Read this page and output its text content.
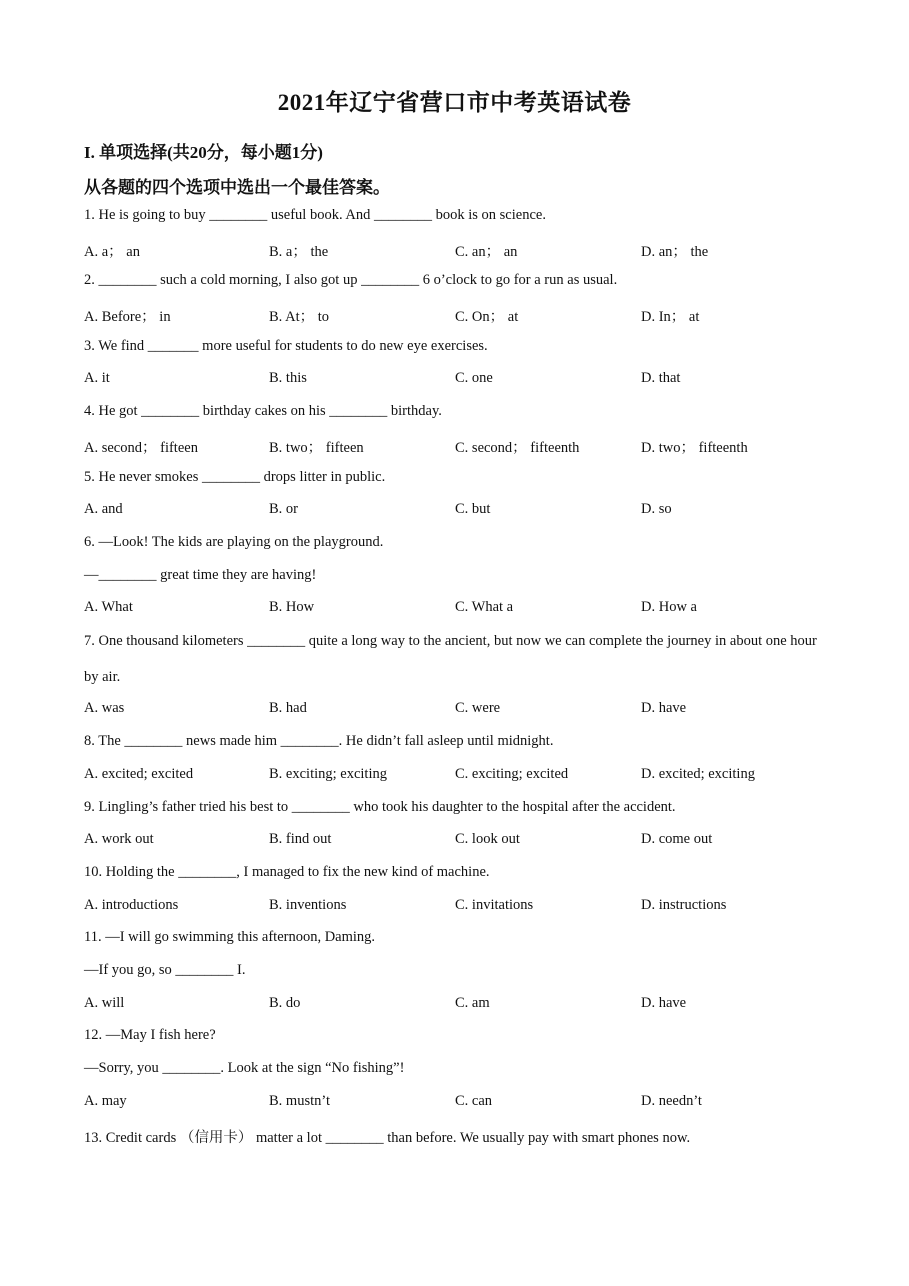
2021年辽宁省营口市中考英语试卷
I. 单项选择(共20分，每小题1分)
从各题的四个选项中选出一个最佳答案。
1. He is going to buy ________ useful book. And ________ book is on science.
A. a； an	B. a； the	C. an； an	D. an； the
2. ________ such a cold morning, I also got up ________ 6 o’clock to go for a run as usual.
A. Before； in	B. At； to	C. On； at	D. In； at
3. We find _______ more useful for students to do new eye exercises.
A. it	B. this	C. one	D. that
4. He got ________ birthday cakes on his ________ birthday.
A. second； fifteen	B. two； fifteen	C. second； fifteenth	D. two； fifteenth
5. He never smokes ________ drops litter in public.
A. and	B. or	C. but	D. so
6. —Look! The kids are playing on the playground.
—________ great time they are having!
A. What	B. How	C. What a	D. How a
7. One thousand kilometers ________ quite a long way to the ancient, but now we can complete the journey in about one hour by air.
A. was	B. had	C. were	D. have
8. The ________ news made him ________. He didn’t fall asleep until midnight.
A. excited; excited	B. exciting; exciting	C. exciting; excited	D. excited; exciting
9. Lingling’s father tried his best to ________ who took his daughter to the hospital after the accident.
A. work out	B. find out	C. look out	D. come out
10. Holding the ________, I managed to fix the new kind of machine.
A. introductions	B. inventions	C. invitations	D. instructions
11. —I will go swimming this afternoon, Daming.
—If you go, so ________ I.
A. will	B. do	C. am	D. have
12. —May I fish here?
—Sorry, you ________. Look at the sign “No fishing”!
A. may	B. mustn’t	C. can	D. needn’t
13. Credit cards （信用卡） matter a lot ________ than before. We usually pay with smart phones now.
